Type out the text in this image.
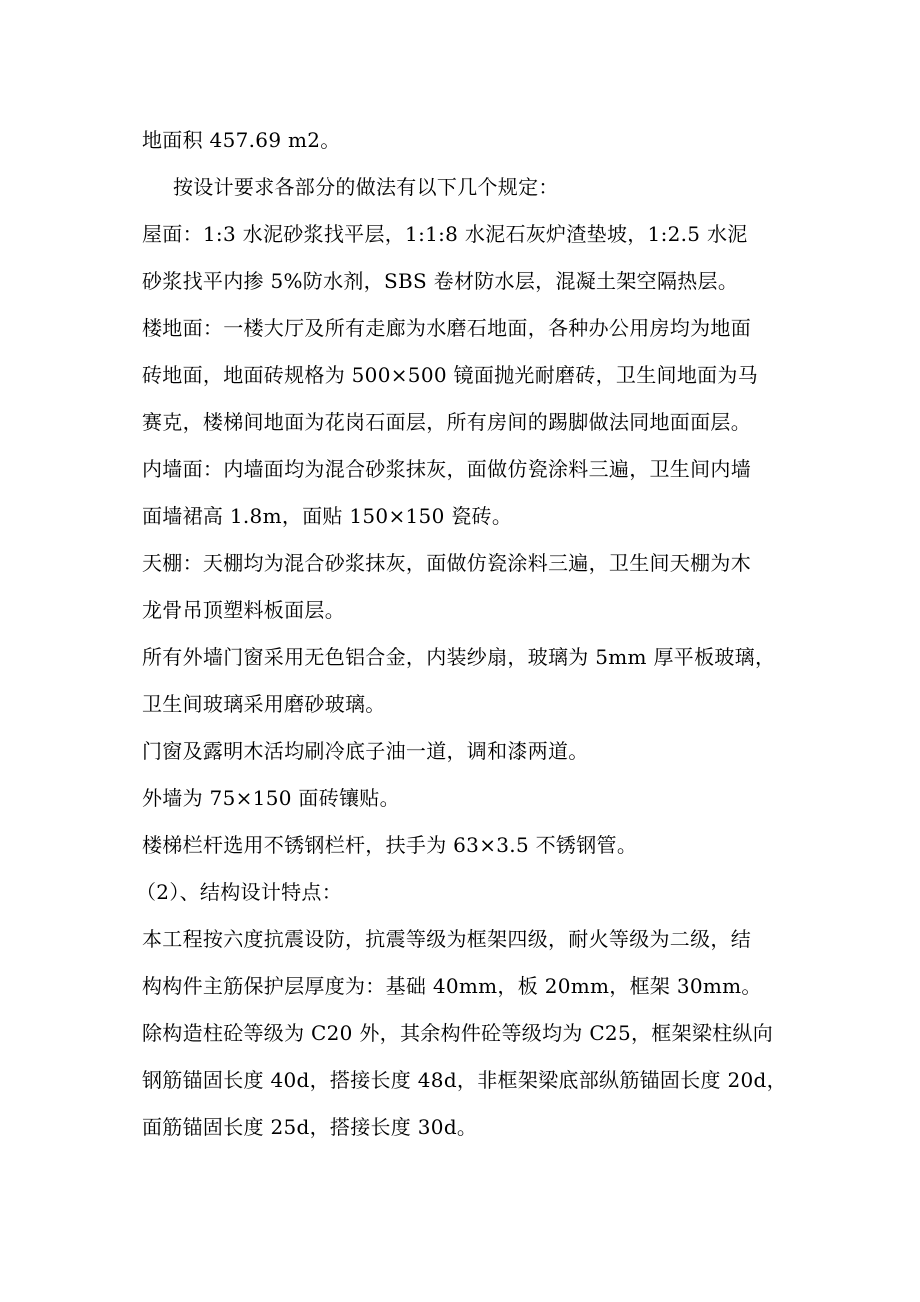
地面积 457.69 m2。
按设计要求各部分的做法有以下几个规定：
屋面：1:3 水泥砂浆找平层，1:1:8 水泥石灰炉渣垫坡，1:2.5 水泥
砂浆找平内掺 5%防水剂，SBS 卷材防水层，混凝土架空隔热层。
楼地面：一楼大厅及所有走廊为水磨石地面，各种办公用房均为地面
砖地面，地面砖规格为 500×500 镜面抛光耐磨砖，卫生间地面为马
赛克，楼梯间地面为花岗石面层，所有房间的踢脚做法同地面面层。
内墙面：内墙面均为混合砂浆抹灰，面做仿瓷涂料三遍，卫生间内墙
面墙裙高 1.8m，面贴 150×150 瓷砖。
天棚：天棚均为混合砂浆抹灰，面做仿瓷涂料三遍，卫生间天棚为木
龙骨吊顶塑料板面层。
所有外墙门窗采用无色铝合金，内装纱扇，玻璃为 5mm 厚平板玻璃，
卫生间玻璃采用磨砂玻璃。
门窗及露明木活均刷冷底子油一道，调和漆两道。
外墙为 75×150 面砖镶贴。
楼梯栏杆选用不锈钢栏杆，扶手为 63×3.5 不锈钢管。
（2）、结构设计特点：
本工程按六度抗震设防，抗震等级为框架四级，耐火等级为二级，结
构构件主筋保护层厚度为：基础 40mm，板 20mm，框架 30mm。
除构造柱砼等级为 C20 外，其余构件砼等级均为 C25，框架梁柱纵向
钢筋锚固长度 40d，搭接长度 48d，非框架梁底部纵筋锚固长度 20d，
面筋锚固长度 25d，搭接长度 30d。
